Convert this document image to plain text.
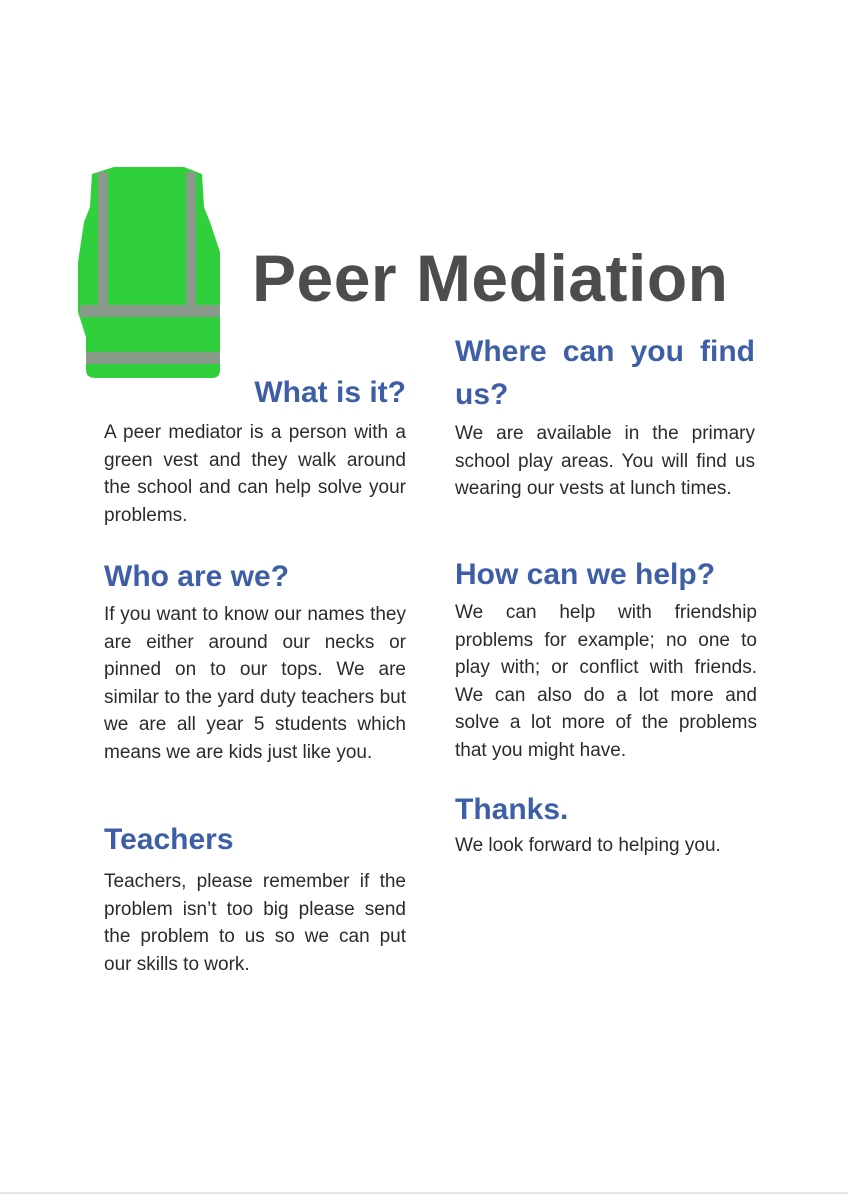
Peer Mediation
What is it?

A peer mediator is a person with a green vest and they walk around the school and can help solve your problems.

Where can you find us?

We are available in the primary school play areas. You will find us wearing our vests at lunch times.

Who are we?

If you want to know our names they are either around our necks or pinned on to our tops. We are similar to the yard duty teachers but we are all year 5 students which means we are kids just like you.

How can we help?

We can help with friendship problems for example; no one to play with; or conflict with friends. We can also do a lot more and solve a lot more of the problems that you might have.

Teachers

Teachers, please remember if the problem isn’t too big please send the problem to us so we can put our skills to work.

Thanks.

We look forward to helping you.
